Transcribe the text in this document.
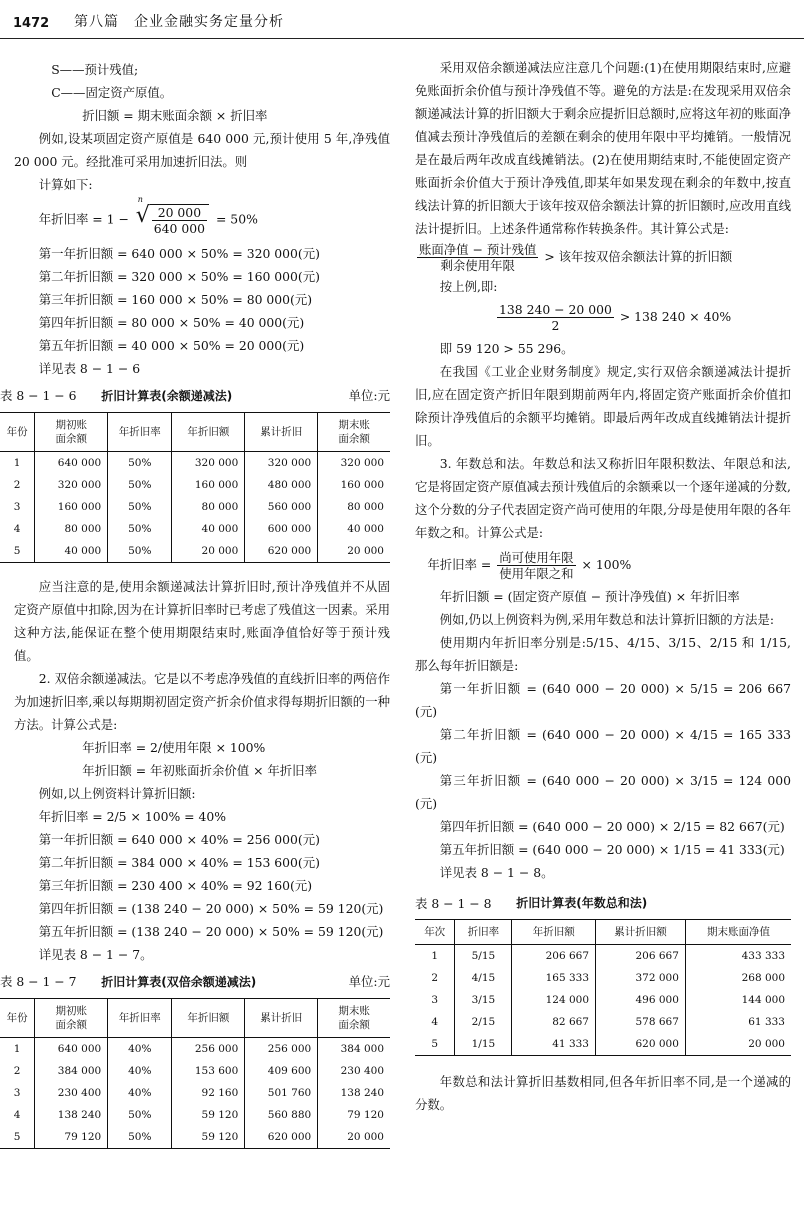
1472 第八篇　企业金融实务定量分析

S——预计残值;

C——固定资产原值。

折旧额 = 期末账面余额 × 折旧率

例如,设某项固定资产原值是 640 000 元,预计使用 5 年,净残值 20 000 元。经批准可采用加速折旧法。则

计算如下:

年折旧率 = 1 −
n
√ $\frac{20 000}{640 000} = 50\%$

第一年折旧额 = 640 000 × 50% = 320 000(元)

第二年折旧额 = 320 000 × 50% = 160 000(元)

第三年折旧额 = 160 000 × 50% = 80 000(元)

第四年折旧额 = 80 000 × 50% = 40 000(元)

第五年折旧额 = 40 000 × 50% = 20 000(元)

详见表 8 − 1 − 6

表 8 − 1 − 6　　 折旧计算表(余额递减法)	单位:元
年份	期初账
面余额	年折旧率	年折旧额	累计折旧	期末账
面余额
1	640 000	50%	320 000	320 000	320 000
2	320 000	50%	160 000	480 000	160 000
3	160 000	50%	80 000	560 000	80 000
4	80 000	50%	40 000	600 000	40 000
5	40 000	50%	20 000	620 000	20 000

应当注意的是,使用余额递减法计算折旧时,预计净残值并不从固定资产原值中扣除,因为在计算折旧率时已考虑了残值这一因素。采用这种方法,能保证在整个使用期限结束时,账面净值恰好等于预计残值。

2. 双倍余额递减法。它是以不考虑净残值的直线折旧率的两倍作为加速折旧率,乘以每期期初固定资产折余价值求得每期折旧额的一种方法。计算公式是:

年折旧率 = 2/使用年限 × 100%

年折旧额 = 年初账面折余价值 × 年折旧率

例如,以上例资料计算折旧额:

年折旧率 = 2/5 × 100% = 40%

第一年折旧额 = 640 000 × 40% = 256 000(元)

第二年折旧额 = 384 000 × 40% = 153 600(元)

第三年折旧额 = 230 400 × 40% = 92 160(元)

第四年折旧额 = (138 240 − 20 000) × 50% = 59 120(元)

第五年折旧额 = (138 240 − 20 000) × 50% = 59 120(元)

详见表 8 − 1 − 7。

表 8 − 1 − 7　　 折旧计算表(双倍余额递减法)	单位:元
年份	期初账
面余额	年折旧率	年折旧额	累计折旧	期末账
面余额
1	640 000	40%	256 000	256 000	384 000
2	384 000	40%	153 600	409 600	230 400
3	230 400	40%	92 160	501 760	138 240
4	138 240	50%	59 120	560 880	79 120
5	79 120	50%	59 120	620 000	20 000

采用双倍余额递减法应注意几个问题:(1)在使用期限结束时,应避免账面折余价值与预计净残值不等。避免的方法是:在发现采用双倍余额递减法计算的折旧额大于剩余应提折旧总额时,应将这年初的账面净值减去预计净残值后的差额在剩余的使用年限中平均摊销。一般情况是在最后两年改成直线摊销法。(2)在使用期结束时,不能使固定资产账面折余价值大于预计净残值,即某年如果发现在剩余的年数中,按直线法计算的折旧额大于该年按双倍余额法计算的折旧额时,应改用直线法计提折旧。上述条件通常称作转换条件。其计算公式是:

$\frac{\text{账面净值 − 预计残值}}{\text{剩余使用年限}}$ > 该年按双倍余额法计算的折旧额

按上例,即:

$\frac{138 240 - 20 000}{2} > 138$ 240 × 40%

即 59 120 > 55 296。

在我国《工业企业财务制度》规定,实行双倍余额递减法计提折旧,应在固定资产折旧年限到期前两年内,将固定资产账面折余价值扣除预计净残值后的余额平均摊销。即最后两年改成直线摊销法计提折旧。

3. 年数总和法。年数总和法又称折旧年限积数法、年限总和法,它是将固定资产原值减去预计残值后的余额乘以一个逐年递减的分数,这个分数的分子代表固定资产尚可使用的年限,分母是使用年限的各年年数之和。计算公式是:

年折旧率 = $\frac{\text{尚可使用年限}}{\text{使用年限之和}} \times 100\%$

年折旧额 = (固定资产原值 − 预计净残值) × 年折旧率

例如,仍以上例资料为例,采用年数总和法计算折旧额的方法是:

使用期内年折旧率分别是:5/15、4/15、3/15、2/15 和 1/15,那么每年折旧额是:

第一年折旧额 = (640 000 − 20 000) × 5/15 = 206 667 (元)

第二年折旧额 = (640 000 − 20 000) × 4/15 = 165 333 (元)

第三年折旧额 = (640 000 − 20 000) × 3/15 = 124 000 (元)

第四年折旧额 = (640 000 − 20 000) × 2/15 = 82 667(元)

第五年折旧额 = (640 000 − 20 000) × 1/15 = 41 333(元)

详见表 8 − 1 − 8。

表 8 − 1 − 8
　　 折旧计算表(年数总和法)
年次	折旧率	年折旧额	累计折旧额	期末账面净值
1	5/15	206 667	206 667	433 333
2	4/15	165 333	372 000	268 000
3	3/15	124 000	496 000	144 000
4	2/15	82 667	578 667	61 333
5	1/15	41 333	620 000	20 000

年数总和法计算折旧基数相同,但各年折旧率不同,是一个递减的分数。
